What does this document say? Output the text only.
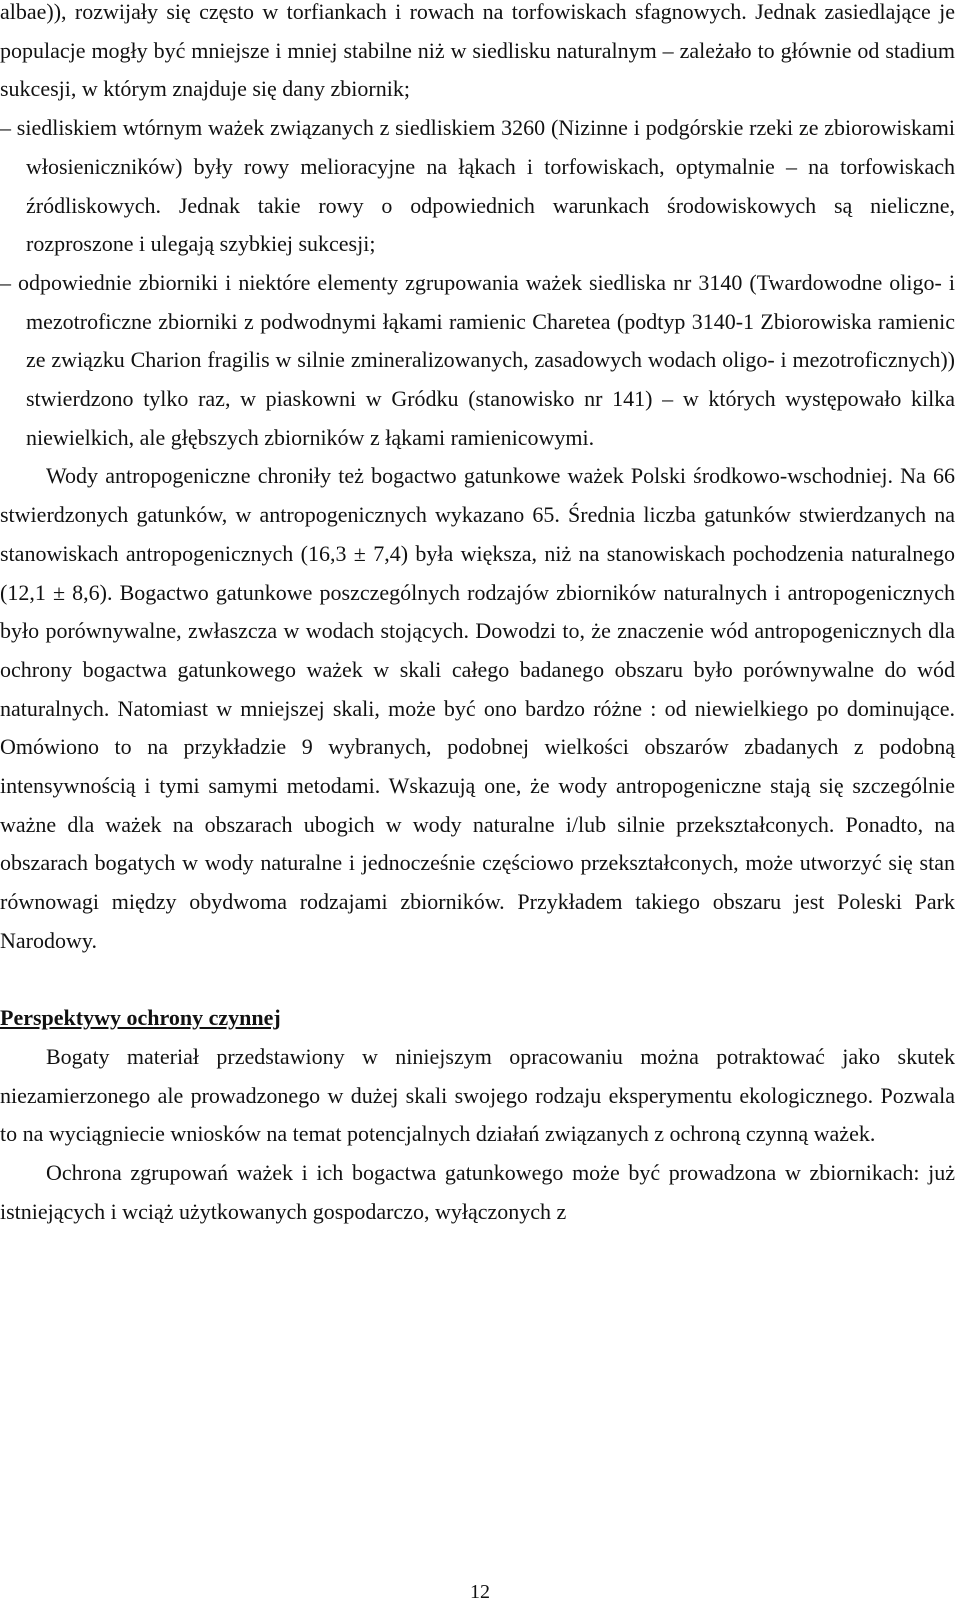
albae)), rozwijały się często w torfiankach i rowach na torfowiskach sfagnowych. Jednak zasiedlające je populacje mogły być mniejsze i mniej stabilne niż w siedlisku naturalnym – zależało to głównie od stadium sukcesji, w którym znajduje się dany zbiornik;

– siedliskiem wtórnym ważek związanych z siedliskiem 3260 (Nizinne i podgórskie rzeki ze zbiorowiskami włosieniczników) były rowy melioracyjne na łąkach i torfowiskach, optymalnie – na torfowiskach źródliskowych. Jednak takie rowy o odpowiednich warunkach środowiskowych są nieliczne, rozproszone i ulegają szybkiej sukcesji;

– odpowiednie zbiorniki i niektóre elementy zgrupowania ważek siedliska nr 3140 (Twardowodne oligo- i mezotroficzne zbiorniki z podwodnymi łąkami ramienic Charetea (podtyp 3140-1 Zbiorowiska ramienic ze związku Charion fragilis w silnie zmineralizowanych, zasadowych wodach oligo- i mezotroficznych)) stwierdzono tylko raz, w piaskowni w Gródku (stanowisko nr 141) – w których występowało kilka niewielkich, ale głębszych zbiorników z łąkami ramienicowymi.

Wody antropogeniczne chroniły też bogactwo gatunkowe ważek Polski środkowo-wschodniej. Na 66 stwierdzonych gatunków, w antropogenicznych wykazano 65. Średnia liczba gatunków stwierdzanych na stanowiskach antropogenicznych (16,3 ± 7,4) była większa, niż na stanowiskach pochodzenia naturalnego (12,1 ± 8,6). Bogactwo gatunkowe poszczególnych rodzajów zbiorników naturalnych i antropogenicznych było porównywalne, zwłaszcza w wodach stojących. Dowodzi to, że znaczenie wód antropogenicznych dla ochrony bogactwa gatunkowego ważek w skali całego badanego obszaru było porównywalne do wód naturalnych. Natomiast w mniejszej skali, może być ono bardzo różne : od niewielkiego po dominujące. Omówiono to na przykładzie 9 wybranych, podobnej wielkości obszarów zbadanych z podobną intensywnością i tymi samymi metodami. Wskazują one, że wody antropogeniczne stają się szczególnie ważne dla ważek na obszarach ubogich w wody naturalne i/lub silnie przekształconych. Ponadto, na obszarach bogatych w wody naturalne i jednocześnie częściowo przekształconych, może utworzyć się stan równowagi między obydwoma rodzajami zbiorników. Przykładem takiego obszaru jest Poleski Park Narodowy.

Perspektywy ochrony czynnej

Bogaty materiał przedstawiony w niniejszym opracowaniu można potraktować jako skutek niezamierzonego ale prowadzonego w dużej skali swojego rodzaju eksperymentu ekologicznego. Pozwala to na wyciągniecie wniosków na temat potencjalnych działań związanych z ochroną czynną ważek.

Ochrona zgrupowań ważek i ich bogactwa gatunkowego może być prowadzona w zbiornikach: już istniejących i wciąż użytkowanych gospodarczo, wyłączonych z

12
